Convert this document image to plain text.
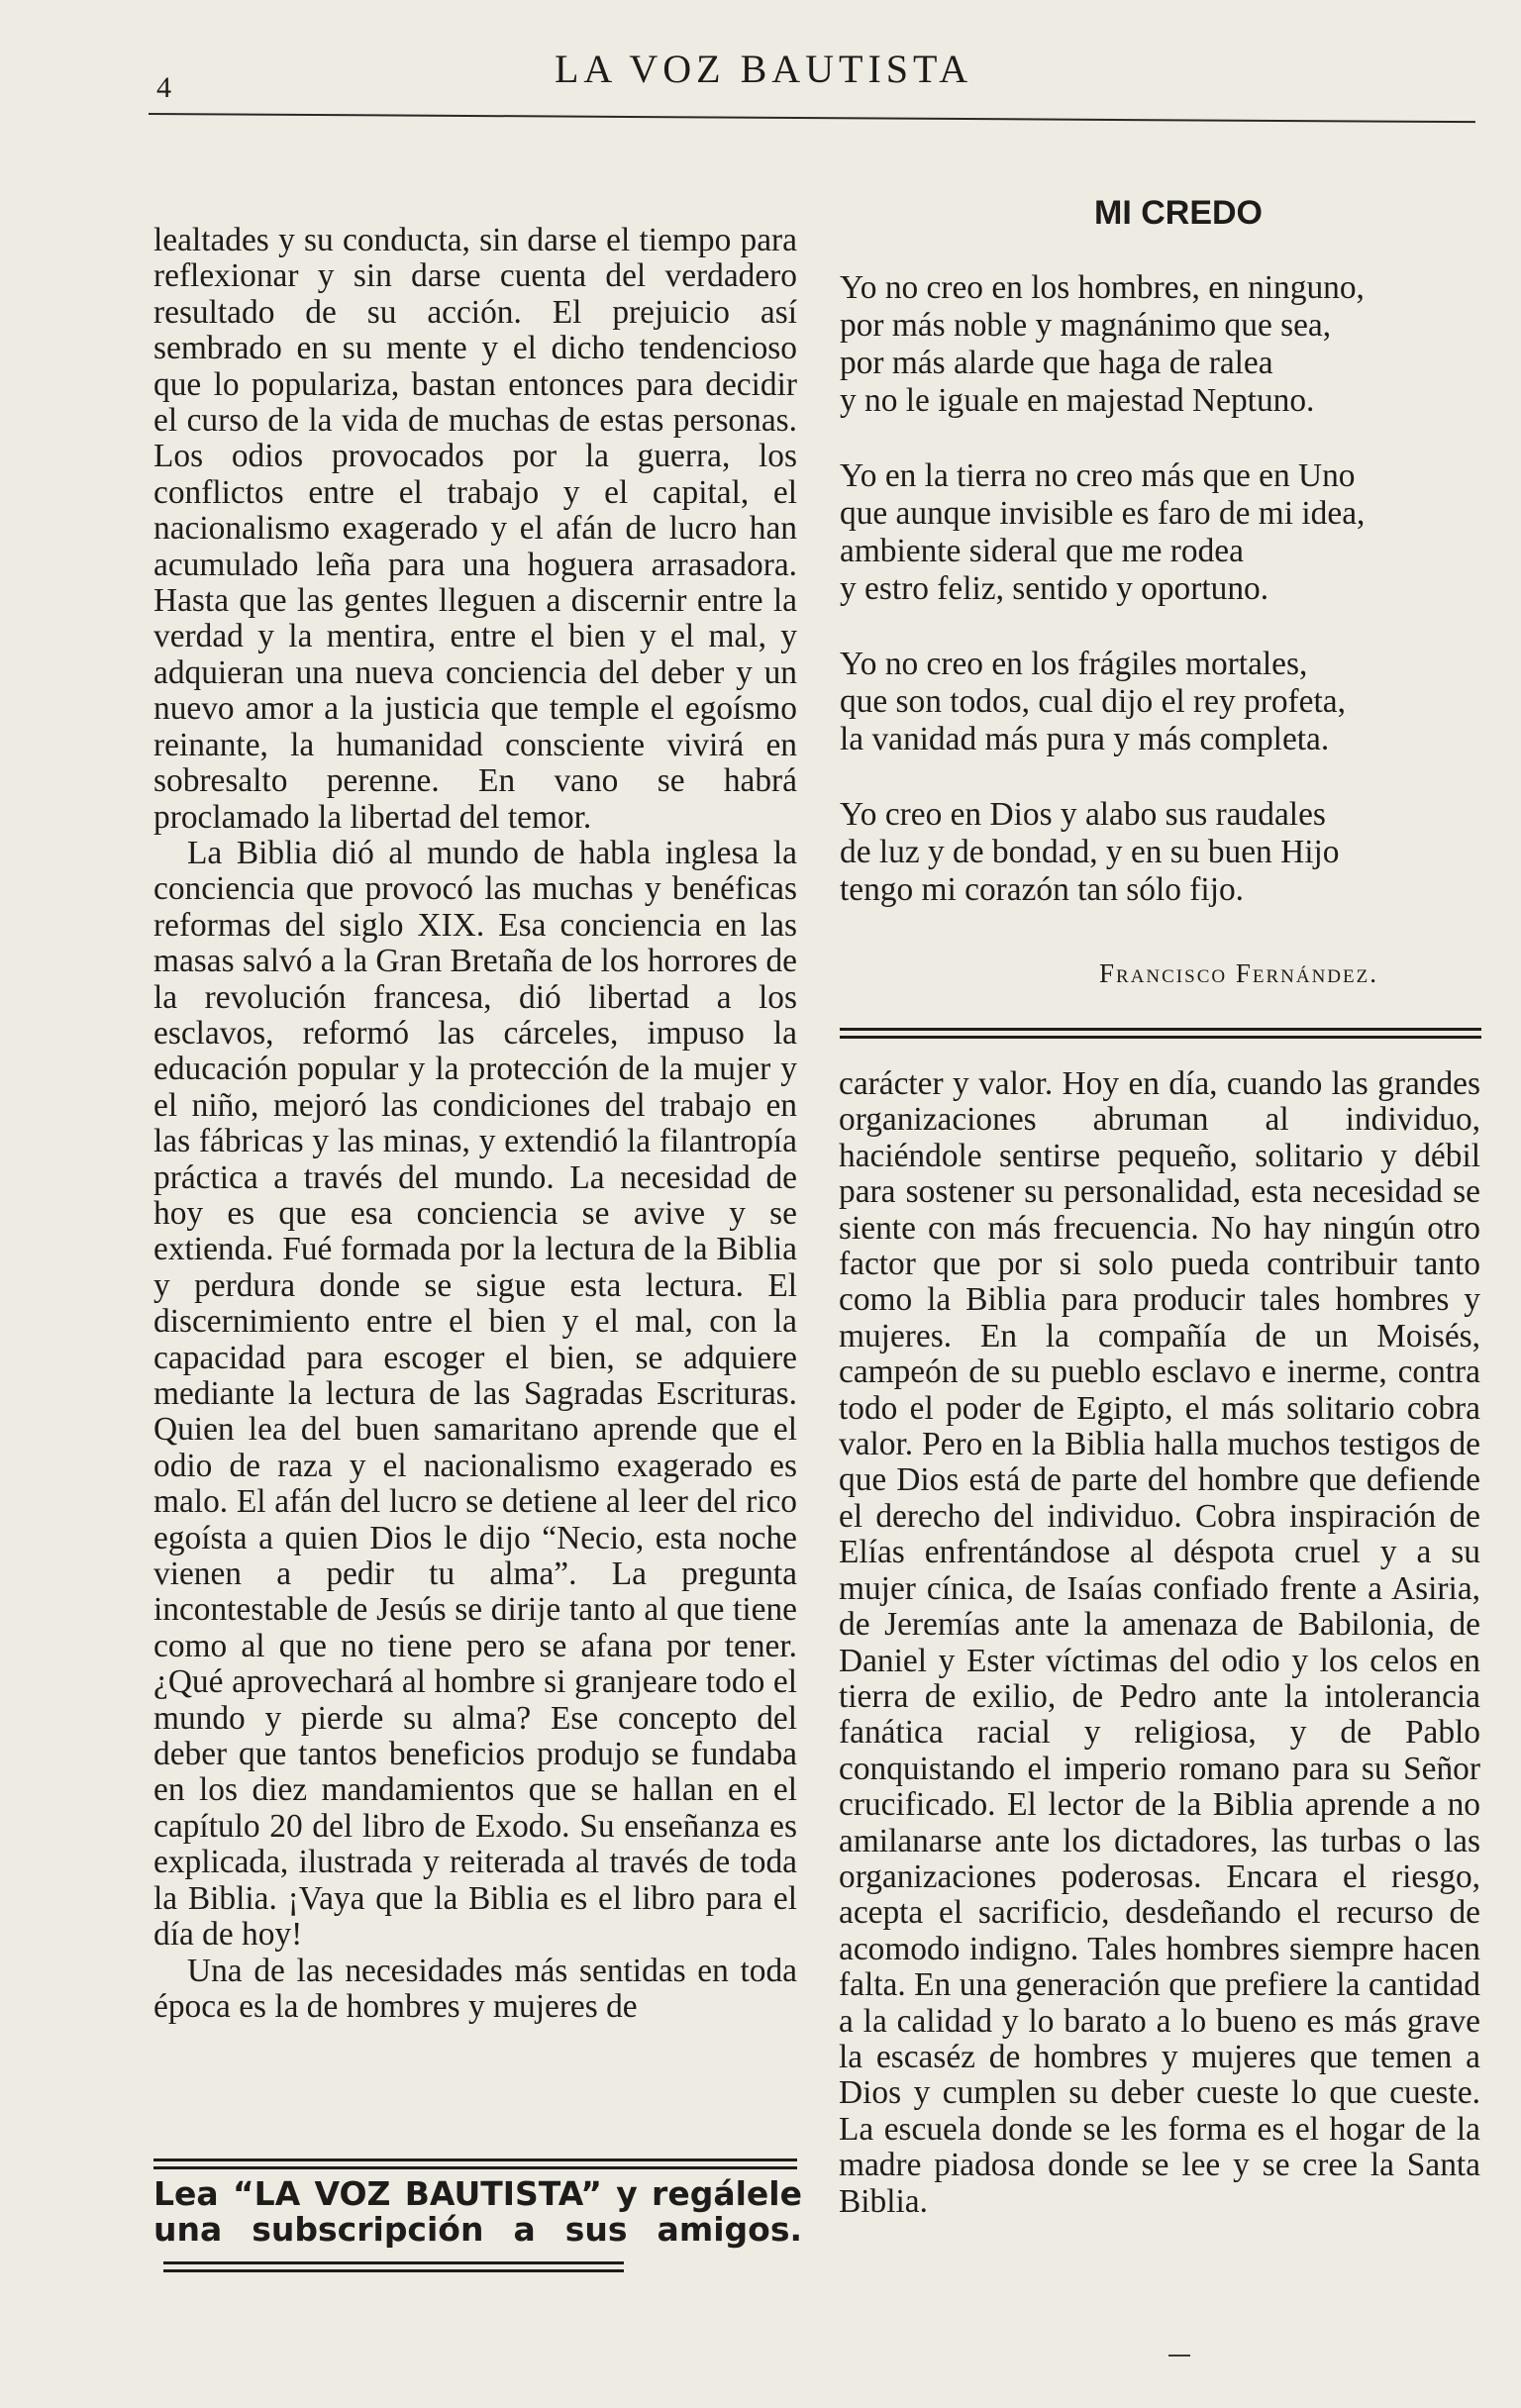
4	LA VOZ BAUTISTA

lealtades y su conducta, sin darse el tiempo para reflexionar y sin darse cuenta del verdadero resultado de su acción. El prejuicio así sembrado en su mente y el dicho tendencioso que lo populariza, bastan entonces para decidir el curso de la vida de muchas de estas personas. Los odios provocados por la guerra, los conflictos entre el trabajo y el capital, el nacionalismo exagerado y el afán de lucro han acumulado leña para una hoguera arrasadora. Hasta que las gentes lleguen a discernir entre la verdad y la mentira, entre el bien y el mal, y adquieran una nueva conciencia del deber y un nuevo amor a la justicia que temple el egoísmo reinante, la humanidad consciente vivirá en sobresalto perenne. En vano se habrá proclamado la libertad del temor.

La Biblia dió al mundo de habla inglesa la conciencia que provocó las muchas y benéficas reformas del siglo XIX. Esa conciencia en las masas salvó a la Gran Bretaña de los horrores de la revolución francesa, dió libertad a los esclavos, reformó las cárceles, impuso la educación popular y la protección de la mujer y el niño, mejoró las condiciones del trabajo en las fábricas y las minas, y extendió la filantropía práctica a través del mundo. La necesidad de hoy es que esa conciencia se avive y se extienda. Fué formada por la lectura de la Biblia y perdura donde se sigue esta lectura. El discernimiento entre el bien y el mal, con la capacidad para escoger el bien, se adquiere mediante la lectura de las Sagradas Escrituras. Quien lea del buen samaritano aprende que el odio de raza y el nacionalismo exagerado es malo. El afán del lucro se detiene al leer del rico egoísta a quien Dios le dijo “Necio, esta noche vienen a pedir tu alma”. La pregunta incontestable de Jesús se dirije tanto al que tiene como al que no tiene pero se afana por tener. ¿Qué aprovechará al hombre si granjeare todo el mundo y pierde su alma? Ese concepto del deber que tantos beneficios produjo se fundaba en los diez mandamientos que se hallan en el capítulo 20 del libro de Exodo. Su enseñanza es explicada, ilustrada y reiterada al través de toda la Biblia. ¡Vaya que la Biblia es el libro para el día de hoy!

Una de las necesidades más sentidas en toda época es la de hombres y mujeres de

MI CREDO
Yo no creo en los hombres, en ninguno,
por más noble y magnánimo que sea,
por más alarde que haga de ralea
y no le iguale en majestad Neptuno.
Yo en la tierra no creo más que en Uno
que aunque invisible es faro de mi idea,
ambiente sideral que me rodea
y estro feliz, sentido y oportuno.
Yo no creo en los frágiles mortales,
que son todos, cual dijo el rey profeta,
la vanidad más pura y más completa.
Yo creo en Dios y alabo sus raudales
de luz y de bondad, y en su buen Hijo
tengo mi corazón tan sólo fijo.
Francisco Fernández.

carácter y valor. Hoy en día, cuando las grandes organizaciones abruman al individuo, haciéndole sentirse pequeño, solitario y débil para sostener su personalidad, esta necesidad se siente con más frecuencia. No hay ningún otro factor que por si solo pueda contribuir tanto como la Biblia para producir tales hombres y mujeres. En la compañía de un Moisés, campeón de su pueblo esclavo e inerme, contra todo el poder de Egipto, el más solitario cobra valor. Pero en la Biblia halla muchos testigos de que Dios está de parte del hombre que defiende el derecho del individuo. Cobra inspiración de Elías enfrentándose al déspota cruel y a su mujer cínica, de Isaías confiado frente a Asiria, de Jeremías ante la amenaza de Babilonia, de Daniel y Ester víctimas del odio y los celos en tierra de exilio, de Pedro ante la intolerancia fanática racial y religiosa, y de Pablo conquistando el imperio romano para su Señor crucificado. El lector de la Biblia aprende a no amilanarse ante los dictadores, las turbas o las organizaciones poderosas. Encara el riesgo, acepta el sacrificio, desdeñando el recurso de acomodo indigno. Tales hombres siempre hacen falta. En una generación que prefiere la cantidad a la calidad y lo barato a lo bueno es más grave la escaséz de hombres y mujeres que temen a Dios y cumplen su deber cueste lo que cueste. La escuela donde se les forma es el hogar de la madre piadosa donde se lee y se cree la Santa Biblia.

Lea “LA VOZ BAUTISTA” y regálele una subscripción a sus amigos.
